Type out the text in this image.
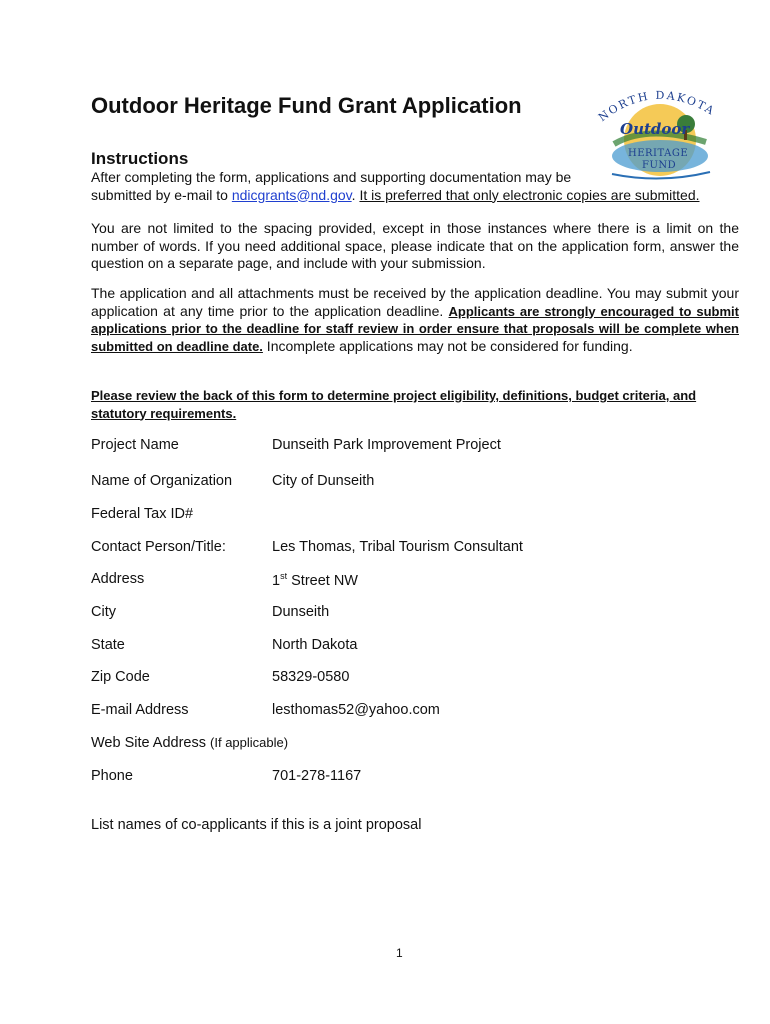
Outdoor Heritage Fund Grant Application	NORTH DAKOTA
Outdoor
HERITAGE
FUND
Instructions

After completing the form, applications and supporting documentation may be
submitted by e-mail to ndicgrants@nd.gov. It is preferred that only electronic copies are submitted.

You are not limited to the spacing provided, except in those instances where there is a limit on the number of words. If you need additional space, please indicate that on the application form, answer the question on a separate page, and include with your submission.

The application and all attachments must be received by the application deadline. You may submit your application at any time prior to the application deadline. Applicants are strongly encouraged to submit applications prior to the deadline for staff review in order ensure that proposals will be complete when submitted on deadline date. Incomplete applications may not be considered for funding.

Please review the back of this form to determine project eligibility, definitions, budget criteria, and statutory requirements.

Project Name	Dunseith Park Improvement Project
Name of Organization	City of Dunseith
Federal Tax ID#
Contact Person/Title:	Les Thomas, Tribal Tourism Consultant
Address	1st Street NW
City	Dunseith
State	North Dakota
Zip Code	58329-0580
E-mail Address	lesthomas52@yahoo.com
Web Site Address (If applicable)
Phone	701-278-1167
List names of co-applicants if this is a joint proposal
1
